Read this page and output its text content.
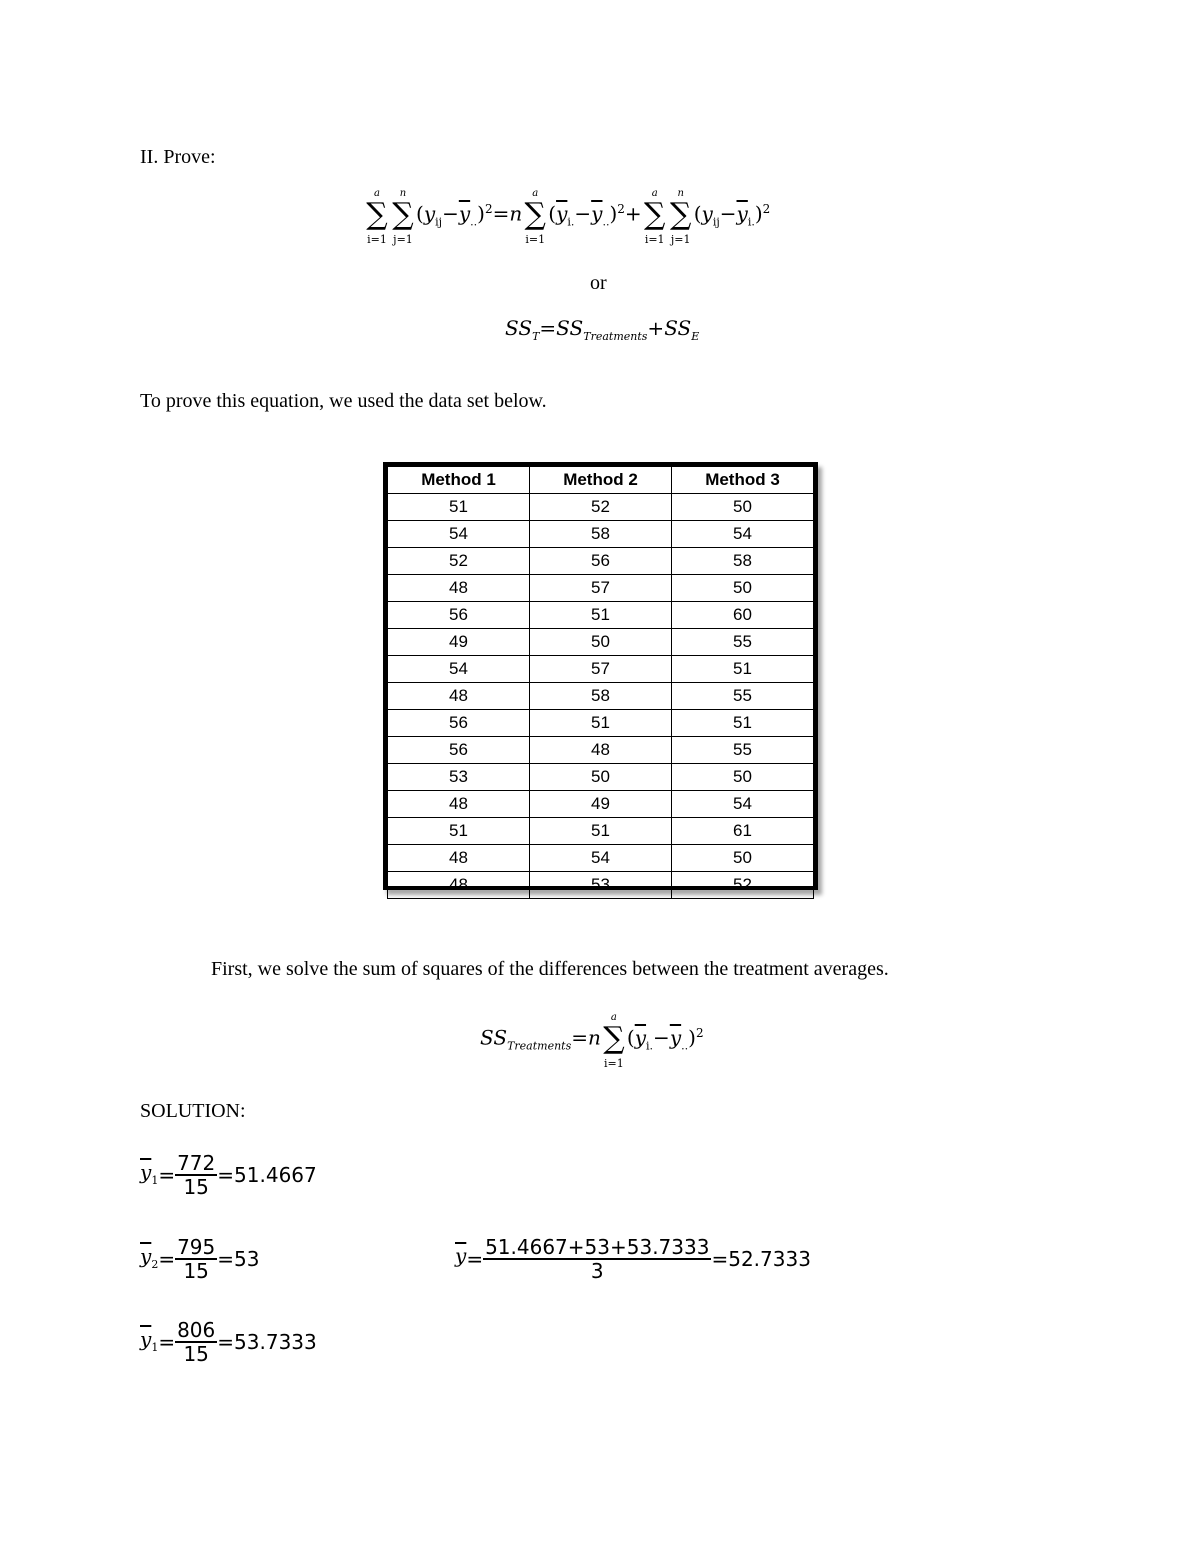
II. Prove:
a
∑
i=1
n
∑
j=1
$(y_{ij}-\overline{y}_{..})^2=n$
a
∑
i=1
$(\overline{y}_{i.}-\overline{y}_{..})^2+$
a
∑
i=1
n
∑
j=1
$(y_{ij}-\overline{y}_{i.})^2$
or
$SS_T=SS_{Treatments}+SS_E$
To prove this equation, we used the data set below.
Method 1	Method 2	Method 3
51	52	50
54	58	54
52	56	58
48	57	50
56	51	60
49	50	55
54	57	51
48	58	55
56	51	51
56	48	55
53	50	50
48	49	54
51	51	61
48	54	50
48	53	52
First, we solve the sum of squares of the differences between the treatment averages.
$SS_{Treatments}=n$
a
∑
i=1
$(\overline{y}_{i.}-\overline{y}_{..})^2$
SOLUTION:
$\overline{y}_1= \frac{772}{15} =51.4667$
$\overline{y}_2= \frac{795}{15} =53$	$\overline{y}= \frac{51.4667+53+53.7333}{3} =52.7333$
$\overline{y}_1= \frac{806}{15} =53.7333$
